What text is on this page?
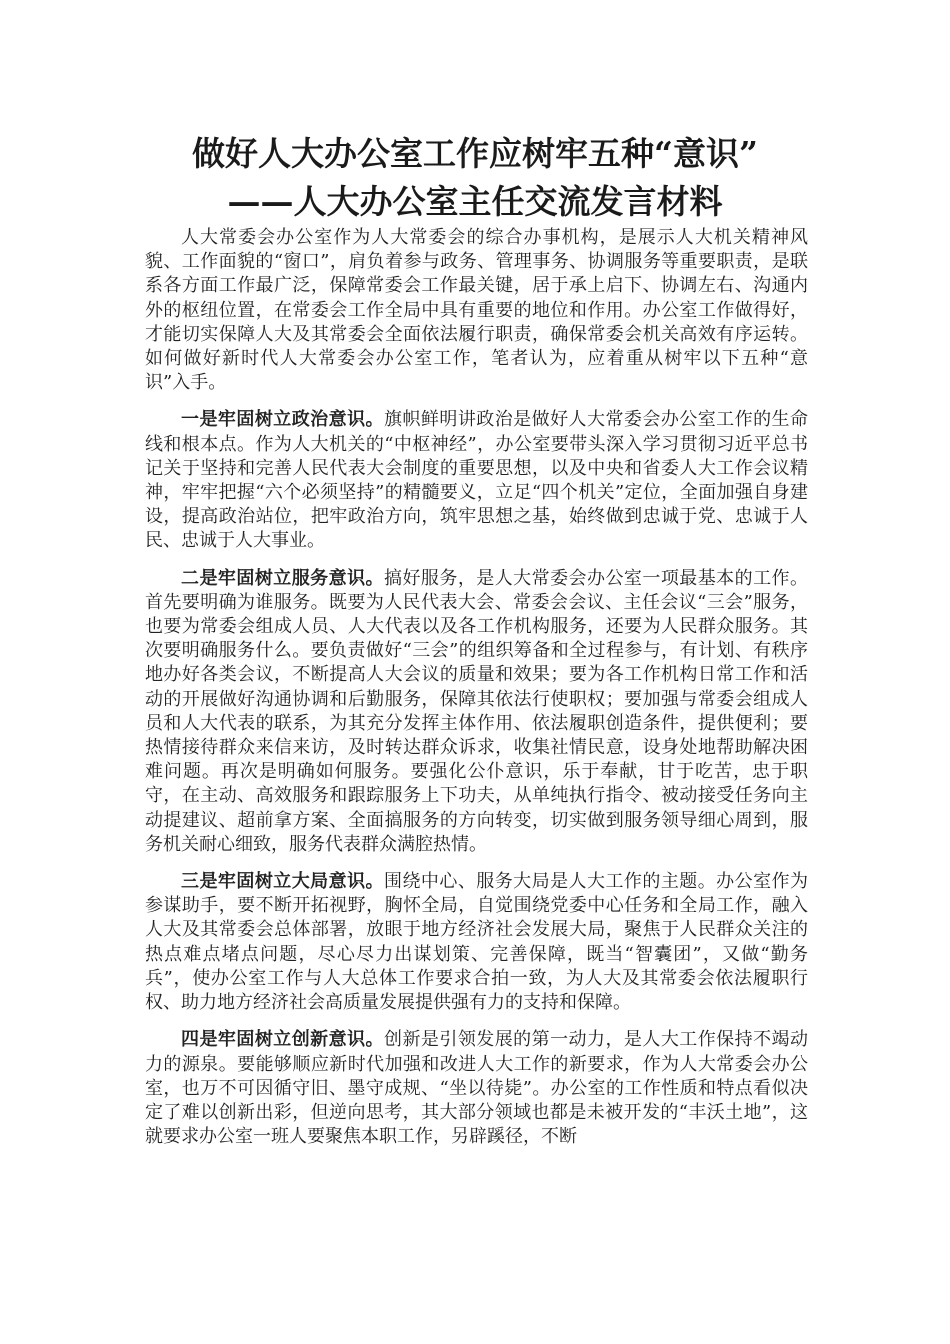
做好人大办公室工作应树牢五种“意识”
——人大办公室主任交流发言材料

人大常委会办公室作为人大常委会的综合办事机构，是展示人大机关精神风貌、工作面貌的“窗口”，肩负着参与政务、管理事务、协调服务等重要职责，是联系各方面工作最广泛，保障常委会工作最关键，居于承上启下、协调左右、沟通内外的枢纽位置，在常委会工作全局中具有重要的地位和作用。办公室工作做得好，才能切实保障人大及其常委会全面依法履行职责，确保常委会机关高效有序运转。如何做好新时代人大常委会办公室工作，笔者认为，应着重从树牢以下五种“意识”入手。

一是牢固树立政治意识。旗帜鲜明讲政治是做好人大常委会办公室工作的生命线和根本点。作为人大机关的“中枢神经”，办公室要带头深入学习贯彻习近平总书记关于坚持和完善人民代表大会制度的重要思想，以及中央和省委人大工作会议精神，牢牢把握“六个必须坚持”的精髓要义，立足“四个机关”定位，全面加强自身建设，提高政治站位，把牢政治方向，筑牢思想之基，始终做到忠诚于党、忠诚于人民、忠诚于人大事业。

二是牢固树立服务意识。搞好服务，是人大常委会办公室一项最基本的工作。首先要明确为谁服务。既要为人民代表大会、常委会会议、主任会议“三会”服务，也要为常委会组成人员、人大代表以及各工作机构服务，还要为人民群众服务。其次要明确服务什么。要负责做好“三会”的组织筹备和全过程参与，有计划、有秩序地办好各类会议，不断提高人大会议的质量和效果；要为各工作机构日常工作和活动的开展做好沟通协调和后勤服务，保障其依法行使职权；要加强与常委会组成人员和人大代表的联系，为其充分发挥主体作用、依法履职创造条件，提供便利；要热情接待群众来信来访，及时转达群众诉求，收集社情民意，设身处地帮助解决困难问题。再次是明确如何服务。要强化公仆意识，乐于奉献，甘于吃苦，忠于职守，在主动、高效服务和跟踪服务上下功夫，从单纯执行指令、被动接受任务向主动提建议、超前拿方案、全面搞服务的方向转变，切实做到服务领导细心周到，服务机关耐心细致，服务代表群众满腔热情。

三是牢固树立大局意识。围绕中心、服务大局是人大工作的主题。办公室作为参谋助手，要不断开拓视野，胸怀全局，自觉围绕党委中心任务和全局工作，融入人大及其常委会总体部署，放眼于地方经济社会发展大局，聚焦于人民群众关注的热点难点堵点问题，尽心尽力出谋划策、完善保障，既当“智囊团”，又做“勤务兵”，使办公室工作与人大总体工作要求合拍一致，为人大及其常委会依法履职行权、助力地方经济社会高质量发展提供强有力的支持和保障。

四是牢固树立创新意识。创新是引领发展的第一动力，是人大工作保持不竭动力的源泉。要能够顺应新时代加强和改进人大工作的新要求，作为人大常委会办公室，也万不可因循守旧、墨守成规、“坐以待毙”。办公室的工作性质和特点看似决定了难以创新出彩，但逆向思考，其大部分领域也都是未被开发的“丰沃土地”，这就要求办公室一班人要聚焦本职工作，另辟蹊径，不断
